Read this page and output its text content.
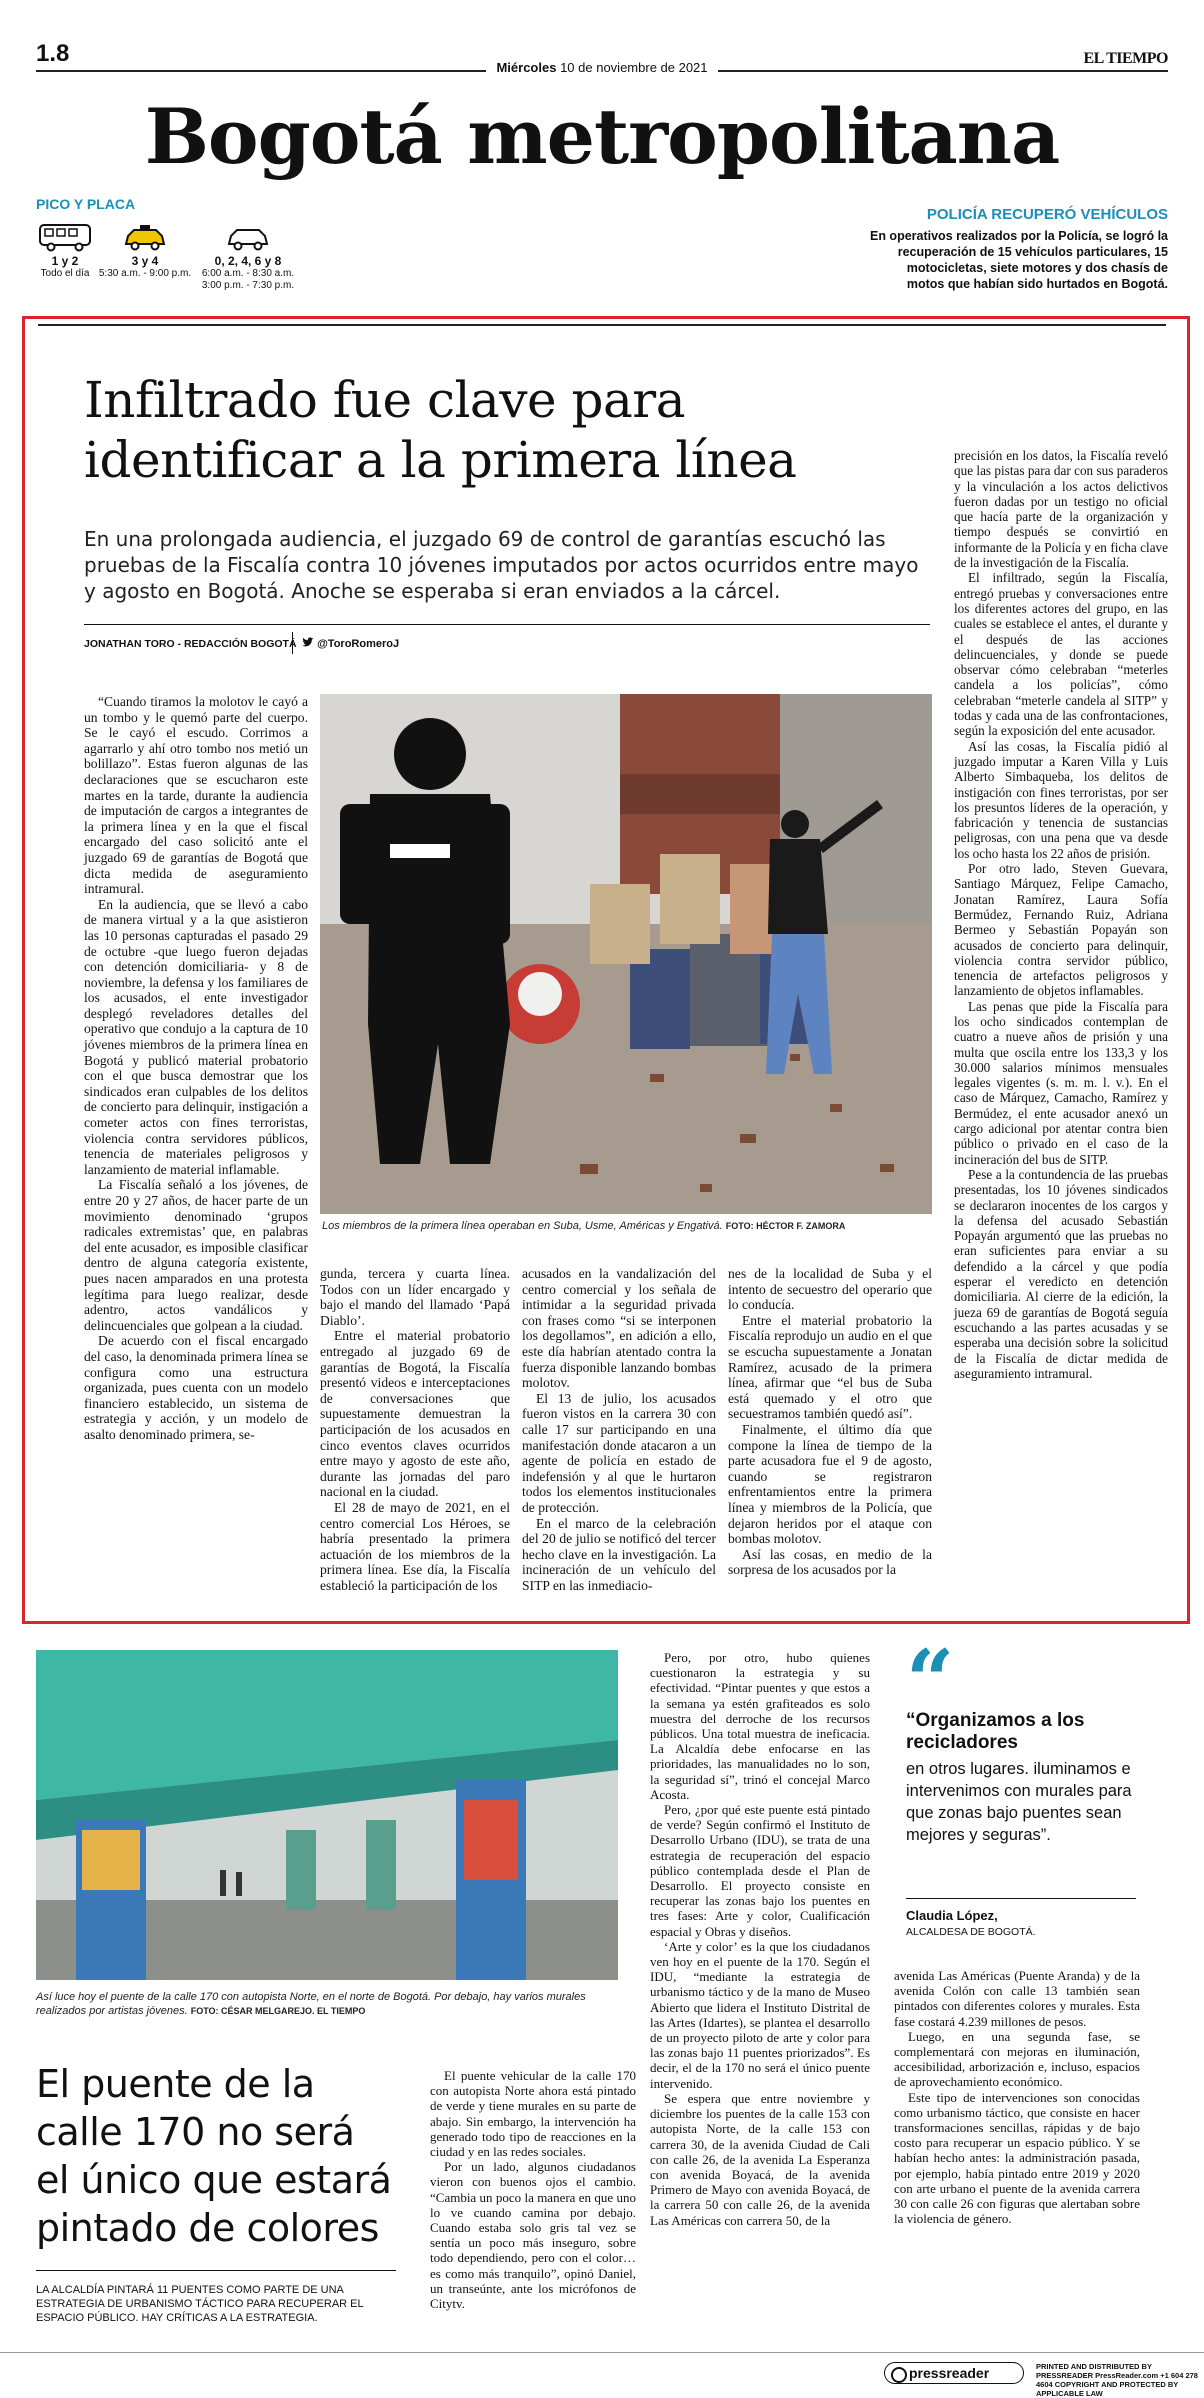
1.8
Miércoles 10 de noviembre de 2021
EL TIEMPO
Bogotá metropolitana
PICO Y PLACA
1 y 2
Todo el día
3 y 4
5:30 a.m. - 9:00 p.m.
0, 2, 4, 6 y 8
6:00 a.m. - 8:30 a.m. 3:00 p.m. - 7:30 p.m.
POLICÍA RECUPERÓ VEHÍCULOS
En operativos realizados por la Policía, se logró la recuperación de 15 vehículos particulares, 15 motocicletas, siete motores y dos chasís de motos que habían sido hurtados en Bogotá.
Infiltrado fue clave para identificar a la primera línea

En una prolongada audiencia, el juzgado 69 de control de garantías escuchó las pruebas de la Fiscalía contra 10 jóvenes imputados por actos ocurridos entre mayo y agosto en Bogotá. Anoche se esperaba si eran enviados a la cárcel.

JONATHAN TORO - REDACCIÓN BOGOTÁ	@ToroRomeroJ

“Cuando tiramos la molotov le cayó a un tombo y le quemó parte del cuerpo. Se le cayó el escudo. Corrimos a agarrarlo y ahí otro tombo nos metió un bolillazo”. Estas fueron algunas de las declaraciones que se escucharon este martes en la tarde, durante la audiencia de imputación de cargos a integrantes de la primera línea y en la que el fiscal encargado del caso solicitó ante el juzgado 69 de garantías de Bogotá que dicta medida de aseguramiento intramural.

En la audiencia, que se llevó a cabo de manera virtual y a la que asistieron las 10 personas capturadas el pasado 29 de octubre -que luego fueron dejadas con detención domiciliaria- y 8 de noviembre, la defensa y los familiares de los acusados, el ente investigador desplegó reveladores detalles del operativo que condujo a la captura de 10 jóvenes miembros de la primera línea en Bogotá y publicó material probatorio con el que busca demostrar que los sindicados eran culpables de los delitos de concierto para delinquir, instigación a cometer actos con fines terroristas, violencia contra servidores públicos, tenencia de materiales peligrosos y lanzamiento de material inflamable.

La Fiscalía señaló a los jóvenes, de entre 20 y 27 años, de hacer parte de un movimiento denominado ‘grupos radicales extremistas’ que, en palabras del ente acusador, es imposible clasificar dentro de alguna categoría existente, pues nacen amparados en una protesta legítima para luego realizar, desde adentro, actos vandálicos y delincuenciales que golpean a la ciudad.

De acuerdo con el fiscal encargado del caso, la denominada primera línea se configura como una estructura organizada, pues cuenta con un modelo financiero establecido, un sistema de estrategia y acción, y un modelo de asalto denominado primera, se-

Los miembros de la primera línea operaban en Suba, Usme, Américas y Engativá. FOTO: HÉCTOR F. ZAMORA

gunda, tercera y cuarta línea. Todos con un líder encargado y bajo el mando del llamado ‘Papá Diablo’.

Entre el material probatorio entregado al juzgado 69 de garantías de Bogotá, la Fiscalía presentó videos e interceptaciones de conversaciones que supuestamente demuestran la participación de los acusados en cinco eventos claves ocurridos entre mayo y agosto de este año, durante las jornadas del paro nacional en la ciudad.

El 28 de mayo de 2021, en el centro comercial Los Héroes, se habría presentado la primera actuación de los miembros de la primera línea. Ese día, la Fiscalía estableció la participación de los

acusados en la vandalización del centro comercial y los señala de intimidar a la seguridad privada con frases como “si se interponen los degollamos”, en adición a ello, este día habrían atentado contra la fuerza disponible lanzando bombas molotov.

El 13 de julio, los acusados fueron vistos en la carrera 30 con calle 17 sur participando en una manifestación donde atacaron a un agente de policía en estado de indefensión y al que le hurtaron todos los elementos institucionales de protección.

En el marco de la celebración del 20 de julio se notificó del tercer hecho clave en la investigación. La incineración de un vehículo del SITP en las inmediacio-

nes de la localidad de Suba y el intento de secuestro del operario que lo conducía.

Entre el material probatorio la Fiscalía reprodujo un audio en el que se escucha supuestamente a Jonatan Ramírez, acusado de la primera línea, afirmar que “el bus de Suba está quemado y el otro que secuestramos también quedó así”.

Finalmente, el último día que compone la línea de tiempo de la parte acusadora fue el 9 de agosto, cuando se registraron enfrentamientos entre la primera línea y miembros de la Policía, que dejaron heridos por el ataque con bombas molotov.

Así las cosas, en medio de la sorpresa de los acusados por la

precisión en los datos, la Fiscalía reveló que las pistas para dar con sus paraderos y la vinculación a los actos delictivos fueron dadas por un testigo no oficial que hacía parte de la organización y tiempo después se convirtió en informante de la Policía y en ficha clave de la investigación de la Fiscalía.

El infiltrado, según la Fiscalía, entregó pruebas y conversaciones entre los diferentes actores del grupo, en las cuales se establece el antes, el durante y el después de las acciones delincuenciales, y donde se puede observar cómo celebraban “meterles candela a los policías”, cómo celebraban “meterle candela al SITP” y todas y cada una de las confrontaciones, según la exposición del ente acusador.

Así las cosas, la Fiscalía pidió al juzgado imputar a Karen Villa y Luis Alberto Simbaqueba, los delitos de instigación con fines terroristas, por ser los presuntos líderes de la operación, y fabricación y tenencia de sustancias peligrosas, con una pena que va desde los ocho hasta los 22 años de prisión.

Por otro lado, Steven Guevara, Santiago Márquez, Felipe Camacho, Jonatan Ramírez, Laura Sofía Bermúdez, Fernando Ruiz, Adriana Bermeo y Sebastián Popayán son acusados de concierto para delinquir, violencia contra servidor público, tenencia de artefactos peligrosos y lanzamiento de objetos inflamables.

Las penas que pide la Fiscalía para los ocho sindicados contemplan de cuatro a nueve años de prisión y una multa que oscila entre los 133,3 y los 30.000 salarios mínimos mensuales legales vigentes (s. m. m. l. v.). En el caso de Márquez, Camacho, Ramírez y Bermúdez, el ente acusador anexó un cargo adicional por atentar contra bien público o privado en el caso de la incineración del bus de SITP.

Pese a la contundencia de las pruebas presentadas, los 10 jóvenes sindicados se declararon inocentes de los cargos y la defensa del acusado Sebastián Popayán argumentó que las pruebas no eran suficientes para enviar a su defendido a la cárcel y que podía esperar el veredicto en detención domiciliaria. Al cierre de la edición, la jueza 69 de garantías de Bogotá seguía escuchando a las partes acusadas y se esperaba una decisión sobre la solicitud de la Fiscalía de dictar medida de aseguramiento intramural.

Así luce hoy el puente de la calle 170 con autopista Norte, en el norte de Bogotá. Por debajo, hay varios murales realizados por artistas jóvenes. FOTO: CÉSAR MELGAREJO. EL TIEMPO
El puente de la calle 170 no será el único que estará pintado de colores
LA ALCALDÍA PINTARÁ 11 PUENTES COMO PARTE DE UNA ESTRATEGIA DE URBANISMO TÁCTICO PARA RECUPERAR EL ESPACIO PÚBLICO. HAY CRÍTICAS A LA ESTRATEGIA.

El puente vehicular de la calle 170 con autopista Norte ahora está pintado de verde y tiene murales en su parte de abajo. Sin embargo, la intervención ha generado todo tipo de reacciones en la ciudad y en las redes sociales.

Por un lado, algunos ciudadanos vieron con buenos ojos el cambio. “Cambia un poco la manera en que uno lo ve cuando camina por debajo. Cuando estaba solo gris tal vez se sentía un poco más inseguro, sobre todo dependiendo, pero con el color… es como más tranquilo”, opinó Daniel, un transeúnte, ante los micrófonos de Citytv.

Pero, por otro, hubo quienes cuestionaron la estrategia y su efectividad. “Pintar puentes y que estos a la semana ya estén grafiteados es solo muestra del derroche de los recursos públicos. Una total muestra de ineficacia. La Alcaldía debe enfocarse en las prioridades, las manualidades no lo son, la seguridad sí”, trinó el concejal Marco Acosta.

Pero, ¿por qué este puente está pintado de verde? Según confirmó el Instituto de Desarrollo Urbano (IDU), se trata de una estrategia de recuperación del espacio público contemplada desde el Plan de Desarrollo. El proyecto consiste en recuperar las zonas bajo los puentes en tres fases: Arte y color, Cualificación espacial y Obras y diseños.

‘Arte y color’ es la que los ciudadanos ven hoy en el puente de la 170. Según el IDU, “mediante la estrategia de urbanismo táctico y de la mano de Museo Abierto que lidera el Instituto Distrital de las Artes (Idartes), se plantea el desarrollo de un proyecto piloto de arte y color para las zonas bajo 11 puentes priorizados”. Es decir, el de la 170 no será el único puente intervenido.

Se espera que entre noviembre y diciembre los puentes de la calle 153 con autopista Norte, de la calle 153 con carrera 30, de la avenida Ciudad de Cali con calle 26, de la avenida La Esperanza con avenida Boyacá, de la avenida Primero de Mayo con avenida Boyacá, de la carrera 50 con calle 26, de la avenida Las Américas con carrera 50, de la

avenida Las Américas (Puente Aranda) y de la avenida Colón con calle 13 también sean pintados con diferentes colores y murales. Esta fase costará 4.239 millones de pesos.

Luego, en una segunda fase, se complementará con mejoras en iluminación, accesibilidad, arborización e, incluso, espacios de aprovechamiento económico.

Este tipo de intervenciones son conocidas como urbanismo táctico, que consiste en hacer transformaciones sencillas, rápidas y de bajo costo para recuperar un espacio público. Y se habían hecho antes: la administración pasada, por ejemplo, había pintado entre 2019 y 2020 con arte urbano el puente de la avenida carrera 30 con calle 26 con figuras que alertaban sobre la violencia de género.

“
“Organizamos a los recicladores
en otros lugares. iluminamos e intervenimos con murales para que zonas bajo puentes sean mejores y seguras”.
Claudia López,
ALCALDESA DE BOGOTÁ.
pressreader	PRINTED AND DISTRIBUTED BY PRESSREADER PressReader.com +1 604 278 4604 COPYRIGHT AND PROTECTED BY APPLICABLE LAW
